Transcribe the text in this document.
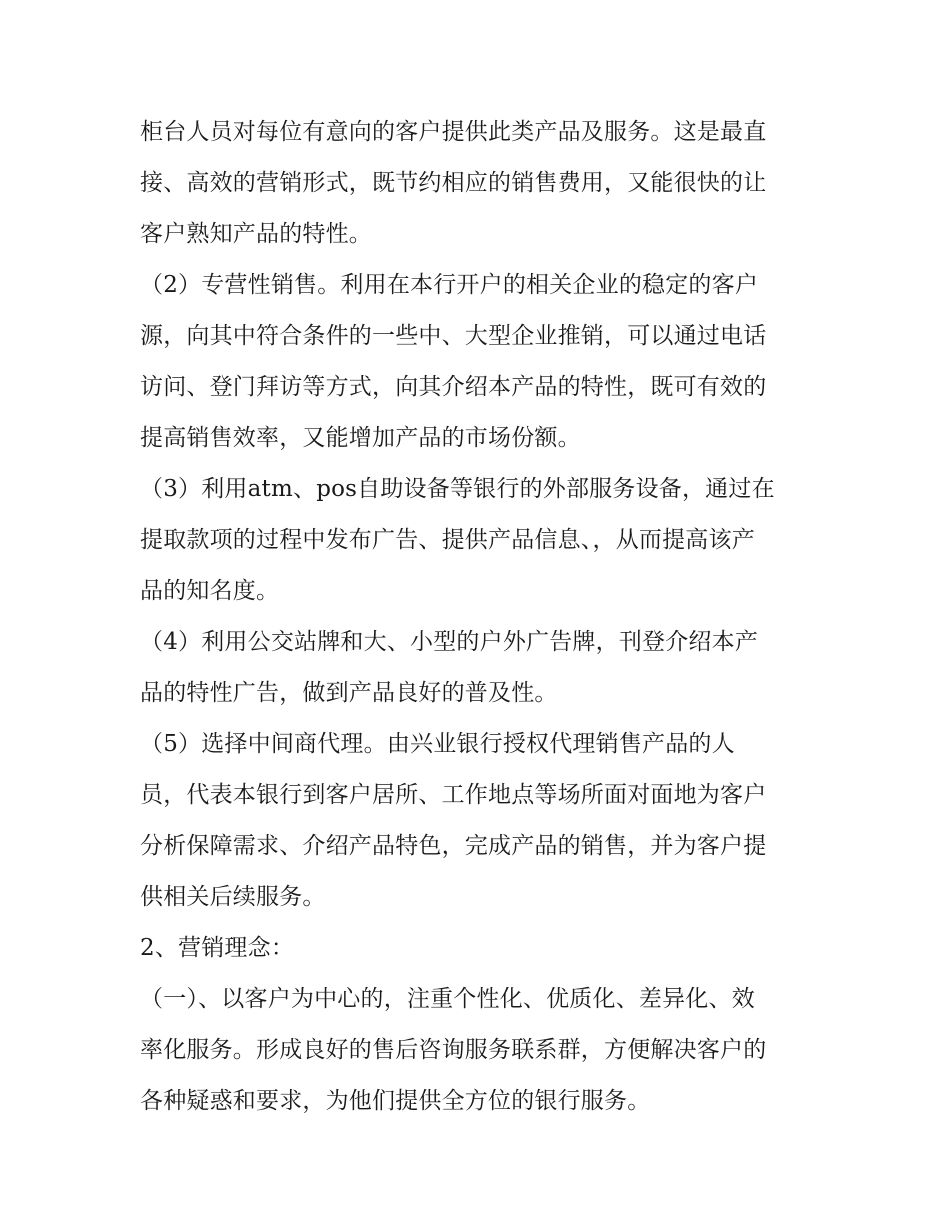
柜台人员对每位有意向的客户提供此类产品及服务。这是最直
接、高效的营销形式，既节约相应的销售费用，又能很快的让
客户熟知产品的特性。
（2）专营性销售。利用在本行开户的相关企业的稳定的客户
源，向其中符合条件的一些中、大型企业推销，可以通过电话
访问、登门拜访等方式，向其介绍本产品的特性，既可有效的
提高销售效率，又能增加产品的市场份额。
（3）利用atm、pos自助设备等银行的外部服务设备，通过在
提取款项的过程中发布广告、提供产品信息、，从而提高该产
品的知名度。
（4）利用公交站牌和大、小型的户外广告牌，刊登介绍本产
品的特性广告，做到产品良好的普及性。
（5）选择中间商代理。由兴业银行授权代理销售产品的人
员，代表本银行到客户居所、工作地点等场所面对面地为客户
分析保障需求、介绍产品特色，完成产品的销售，并为客户提
供相关后续服务。
2、营销理念：
（一）、以客户为中心的，注重个性化、优质化、差异化、效
率化服务。形成良好的售后咨询服务联系群，方便解决客户的
各种疑惑和要求，为他们提供全方位的银行服务。
